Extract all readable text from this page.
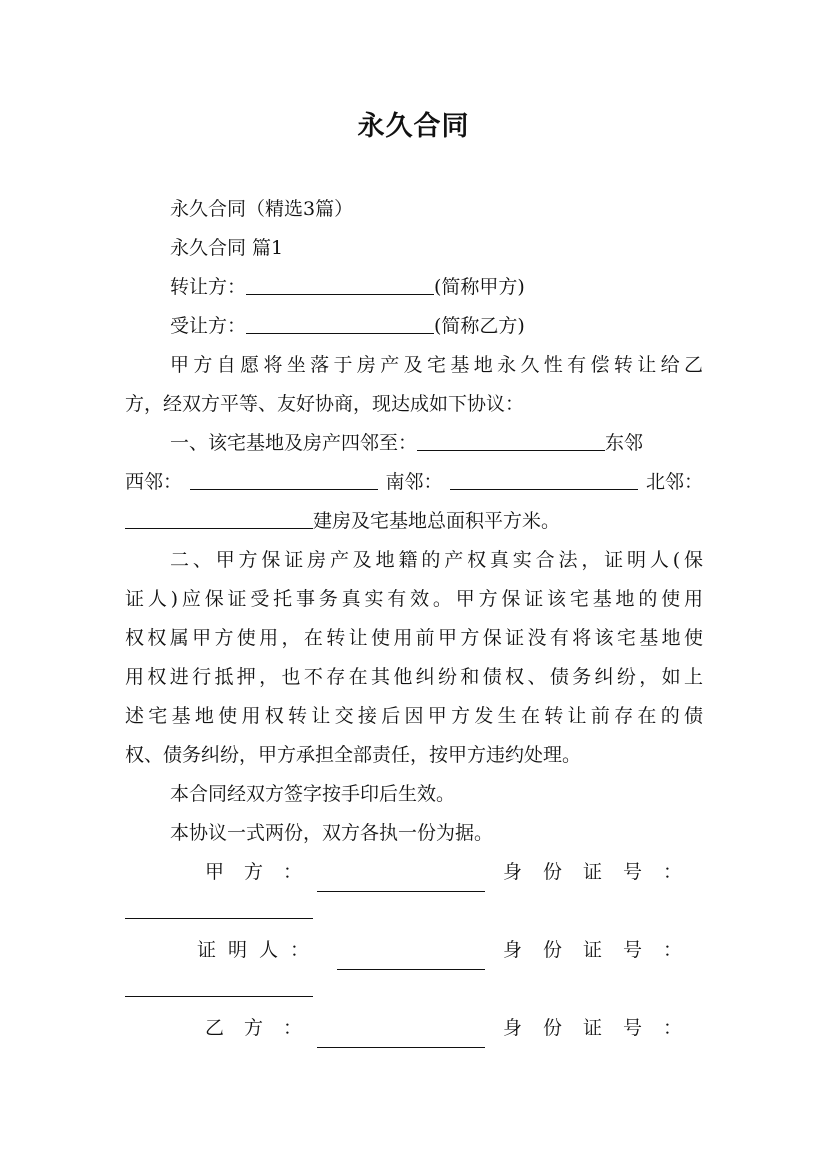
永久合同
永久合同（精选3篇）
永久合同 篇1
转让方：	(简称甲方)
受让方：	(简称乙方)
甲方自愿将坐落于房产及宅基地永久性有偿转让给乙
方，经双方平等、友好协商，现达成如下协议：
一、该宅基地及房产四邻至：	东邻
西邻：	南邻：	北邻：
建房及宅基地总面积平方米。
二、甲方保证房产及地籍的产权真实合法，证明人(保
证人)应保证受托事务真实有效。甲方保证该宅基地的使用
权权属甲方使用，在转让使用前甲方保证没有将该宅基地使
用权进行抵押，也不存在其他纠纷和债权、债务纠纷，如上
述宅基地使用权转让交接后因甲方发生在转让前存在的债
权、债务纠纷，甲方承担全部责任，按甲方违约处理。
本合同经双方签字按手印后生效。
本协议一式两份，双方各执一份为据。
甲方：	身份证号：
证明人：	身份证号：
乙方：	身份证号：
